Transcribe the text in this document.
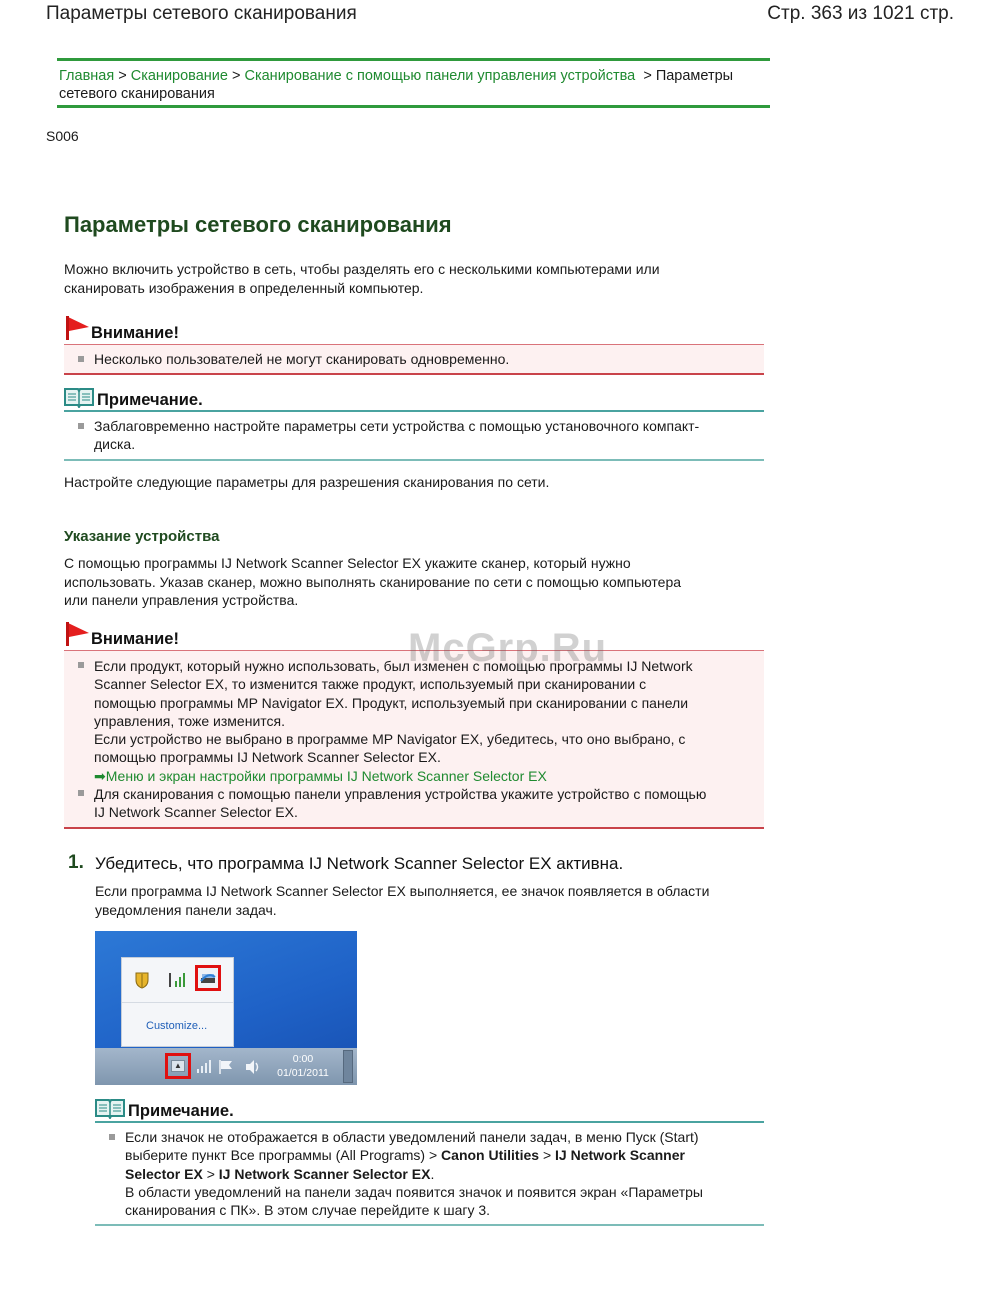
Параметры сетевого сканирования	Стр. 363 из 1021 стр.
Главная > Сканирование > Сканирование с помощью панели управления устройства > Параметры
сетевого сканирования
S006
Параметры сетевого сканирования
Можно включить устройство в сеть, чтобы разделять его с несколькими компьютерами или
сканировать изображения в определенный компьютер.
Внимание!
Несколько пользователей не могут сканировать одновременно.
Примечание.
Заблаговременно настройте параметры сети устройства с помощью установочного компакт-
диска.
Настройте следующие параметры для разрешения сканирования по сети.
Указание устройства
С помощью программы IJ Network Scanner Selector EX укажите сканер, который нужно
использовать. Указав сканер, можно выполнять сканирование по сети с помощью компьютера
или панели управления устройства.
Внимание!
Если продукт, который нужно использовать, был изменен с помощью программы IJ Network
Scanner Selector EX, то изменится также продукт, используемый при сканировании с
помощью программы MP Navigator EX. Продукт, используемый при сканировании с панели
управления, тоже изменится.
Если устройство не выбрано в программе MP Navigator EX, убедитесь, что оно выбрано, с
помощью программы IJ Network Scanner Selector EX.
➡Меню и экран настройки программы IJ Network Scanner Selector EX
Для сканирования с помощью панели управления устройства укажите устройство с помощью
IJ Network Scanner Selector EX.
1. Убедитесь, что программа IJ Network Scanner Selector EX активна.
Если программа IJ Network Scanner Selector EX выполняется, ее значок появляется в области
уведомления панели задач.
Customize...
▲
0:00
01/01/2011
Примечание.
Если значок не отображается в области уведомлений панели задач, в меню Пуск (Start)
выберите пункт Все программы (All Programs) > Canon Utilities > IJ Network Scanner
Selector EX > IJ Network Scanner Selector EX.
В области уведомлений на панели задач появится значок и появится экран «Параметры
сканирования с ПК». В этом случае перейдите к шагу 3.
McGrp.Ru
